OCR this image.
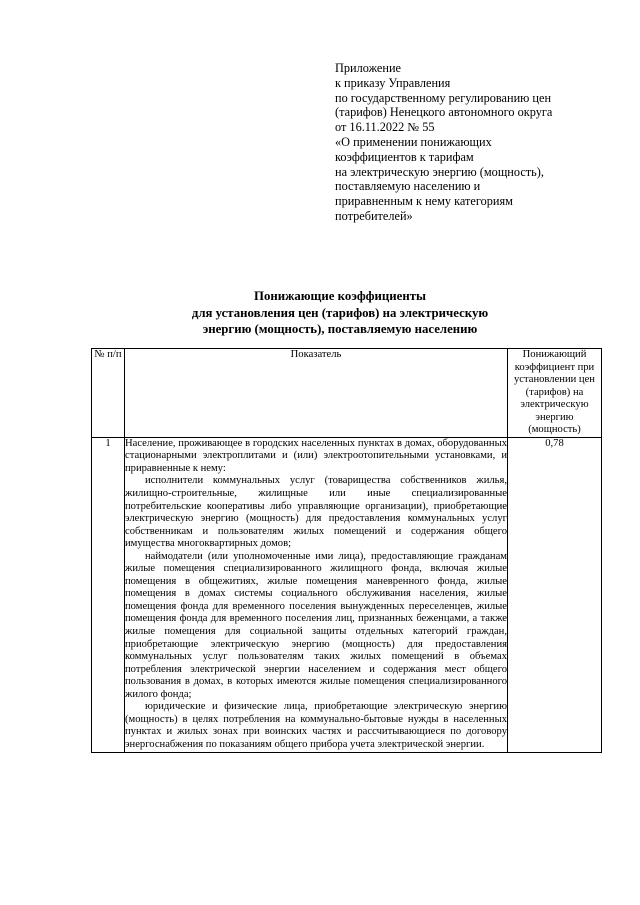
Приложение
к приказу Управления
по государственному регулированию цен
(тарифов) Ненецкого автономного округа
от 16.11.2022 № 55
«О применении понижающих
коэффициентов к тарифам
на электрическую энергию (мощность),
поставляемую населению и
приравненным к нему категориям
потребителей»
Понижающие коэффициенты
для установления цен (тарифов) на электрическую
энергию (мощность), поставляемую населению
№ п/п	Показатель	Понижающий коэффициент при установлении цен (тарифов) на электрическую энергию (мощность)
1	Население, проживающее в городских населенных пунктах в домах, оборудованных стационарными электроплитами и (или) электроотопительными установками, и приравненные к нему:

исполнители коммунальных услуг (товарищества собственников жилья, жилищно-строительные, жилищные или иные специализированные потребительские кооперативы либо управляющие организации), приобретающие электрическую энергию (мощность) для предоставления коммунальных услуг собственникам и пользователям жилых помещений и содержания общего имущества многоквартирных домов;

наймодатели (или уполномоченные ими лица), предоставляющие гражданам жилые помещения специализированного жилищного фонда, включая жилые помещения в общежитиях, жилые помещения маневренного фонда, жилые помещения в домах системы социального обслуживания населения, жилые помещения фонда для временного поселения вынужденных переселенцев, жилые помещения фонда для временного поселения лиц, признанных беженцами, а также жилые помещения для социальной защиты отдельных категорий граждан, приобретающие электрическую энергию (мощность) для предоставления коммунальных услуг пользователям таких жилых помещений в объемах потребления электрической энергии населением и содержания мест общего пользования в домах, в которых имеются жилые помещения специализированного жилого фонда;

юридические и физические лица, приобретающие электрическую энергию (мощность) в целях потребления на коммунально-бытовые нужды в населенных пунктах и жилых зонах при воинских частях и рассчитывающиеся по договору энергоснабжения по показаниям общего прибора учета электрической энергии.	0,78
